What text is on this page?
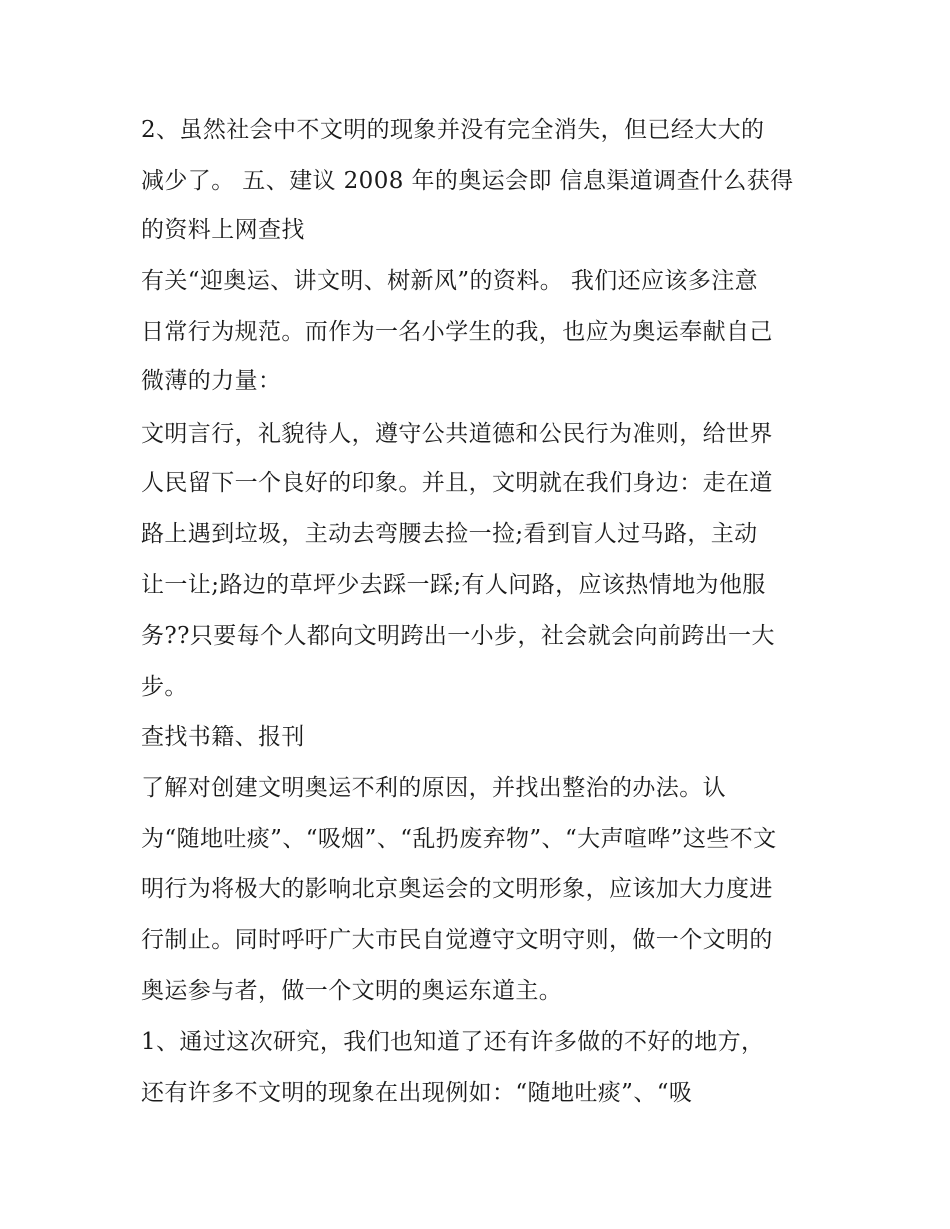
2、虽然社会中不文明的现象并没有完全消失，但已经大大的

减少了。 五、建议 2008 年的奥运会即 信息渠道调查什么获得

的资料上网查找

有关“迎奥运、讲文明、树新风”的资料。 我们还应该多注意

日常行为规范。而作为一名小学生的我，也应为奥运奉献自己

微薄的力量：

文明言行，礼貌待人，遵守公共道德和公民行为准则，给世界

人民留下一个良好的印象。并且，文明就在我们身边：走在道

路上遇到垃圾，主动去弯腰去捡一捡;看到盲人过马路，主动

让一让;路边的草坪少去踩一踩;有人问路，应该热情地为他服

务??只要每个人都向文明跨出一小步，社会就会向前跨出一大

步。

查找书籍、报刊

了解对创建文明奥运不利的原因，并找出整治的办法。认

为“随地吐痰”、“吸烟”、“乱扔废弃物”、“大声喧哗”这些不文

明行为将极大的影响北京奥运会的文明形象，应该加大力度进

行制止。同时呼吁广大市民自觉遵守文明守则，做一个文明的

奥运参与者，做一个文明的奥运东道主。

1、通过这次研究，我们也知道了还有许多做的不好的地方，

还有许多不文明的现象在出现例如：“随地吐痰”、“吸
